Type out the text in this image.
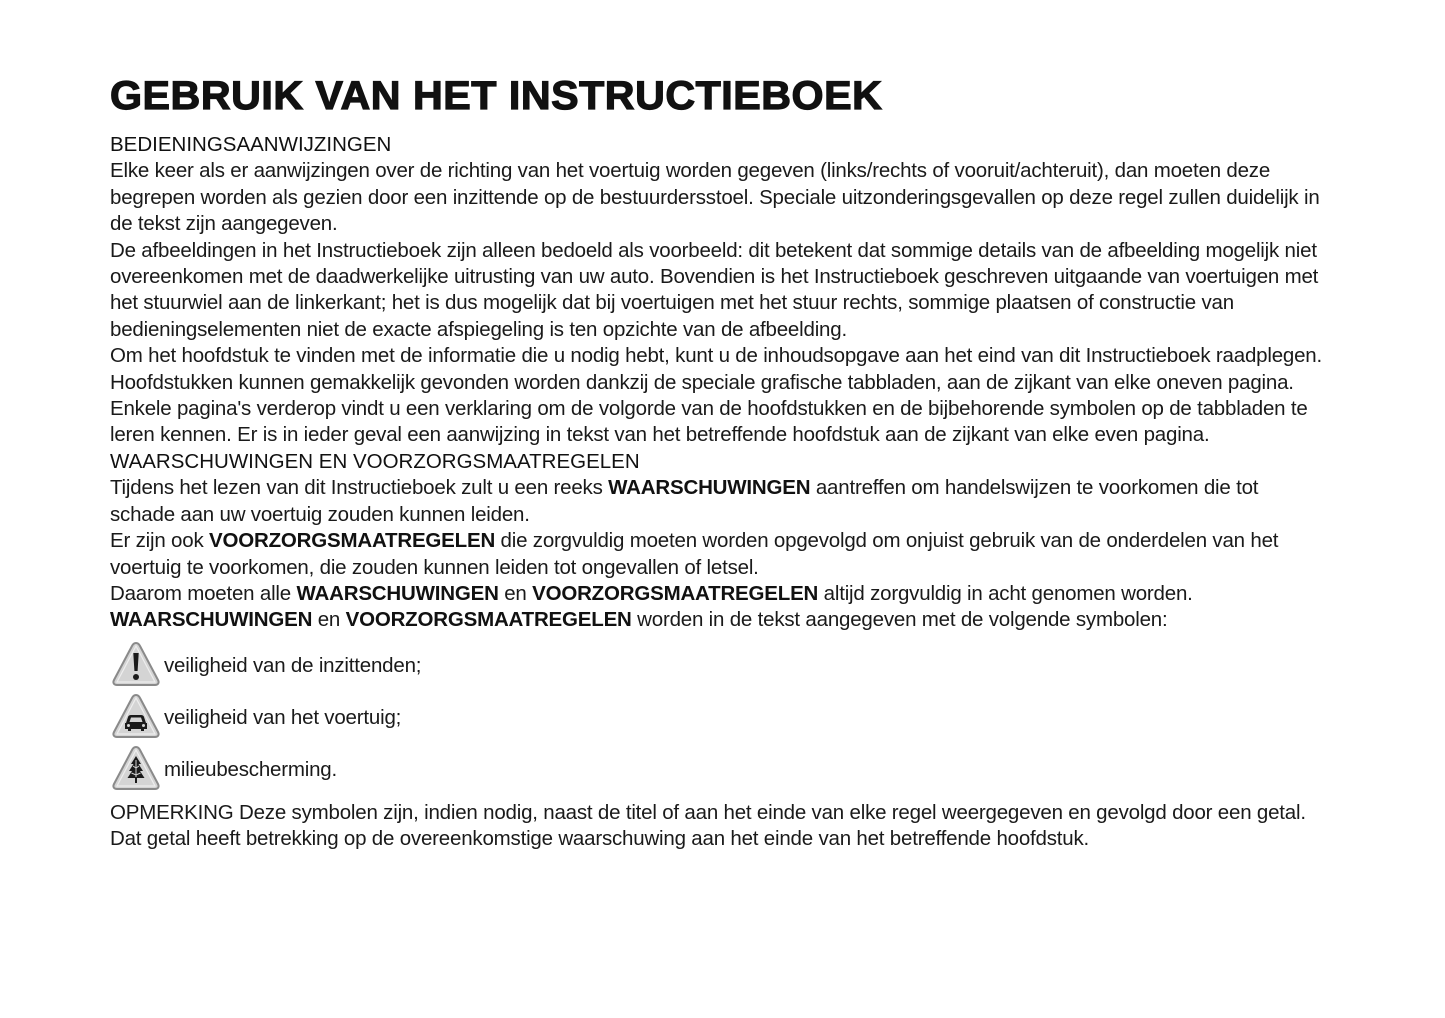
GEBRUIK VAN HET INSTRUCTIEBOEK
BEDIENINGSAANWIJZINGEN

Elke keer als er aanwijzingen over de richting van het voertuig worden gegeven (links/rechts of vooruit/achteruit), dan moeten deze begrepen worden als gezien door een inzittende op de bestuurdersstoel. Speciale uitzonderingsgevallen op deze regel zullen duidelijk in de tekst zijn aangegeven.

De afbeeldingen in het Instructieboek zijn alleen bedoeld als voorbeeld: dit betekent dat sommige details van de afbeelding mogelijk niet overeenkomen met de daadwerkelijke uitrusting van uw auto. Bovendien is het Instructieboek geschreven uitgaande van voertuigen met het stuurwiel aan de linkerkant; het is dus mogelijk dat bij voertuigen met het stuur rechts, sommige plaatsen of constructie van bedieningselementen niet de exacte afspiegeling is ten opzichte van de afbeelding.

Om het hoofdstuk te vinden met de informatie die u nodig hebt, kunt u de inhoudsopgave aan het eind van dit Instructieboek raadplegen.

Hoofdstukken kunnen gemakkelijk gevonden worden dankzij de speciale grafische tabbladen, aan de zijkant van elke oneven pagina. Enkele pagina's verderop vindt u een verklaring om de volgorde van de hoofdstukken en de bijbehorende symbolen op de tabbladen te leren kennen. Er is in ieder geval een aanwijzing in tekst van het betreffende hoofdstuk aan de zijkant van elke even pagina.

WAARSCHUWINGEN EN VOORZORGSMAATREGELEN

Tijdens het lezen van dit Instructieboek zult u een reeks WAARSCHUWINGEN aantreffen om handelswijzen te voorkomen die tot schade aan uw voertuig zouden kunnen leiden.

Er zijn ook VOORZORGSMAATREGELEN die zorgvuldig moeten worden opgevolgd om onjuist gebruik van de onderdelen van het voertuig te voorkomen, die zouden kunnen leiden tot ongevallen of letsel.

Daarom moeten alle WAARSCHUWINGEN en VOORZORGSMAATREGELEN altijd zorgvuldig in acht genomen worden.

WAARSCHUWINGEN en VOORZORGSMAATREGELEN worden in de tekst aangegeven met de volgende symbolen:

veiligheid van de inzittenden;
veiligheid van het voertuig;
milieubescherming.
OPMERKING Deze symbolen zijn, indien nodig, naast de titel of aan het einde van elke regel weergegeven en gevolgd door een getal. Dat getal heeft betrekking op de overeenkomstige waarschuwing aan het einde van het betreffende hoofdstuk.
